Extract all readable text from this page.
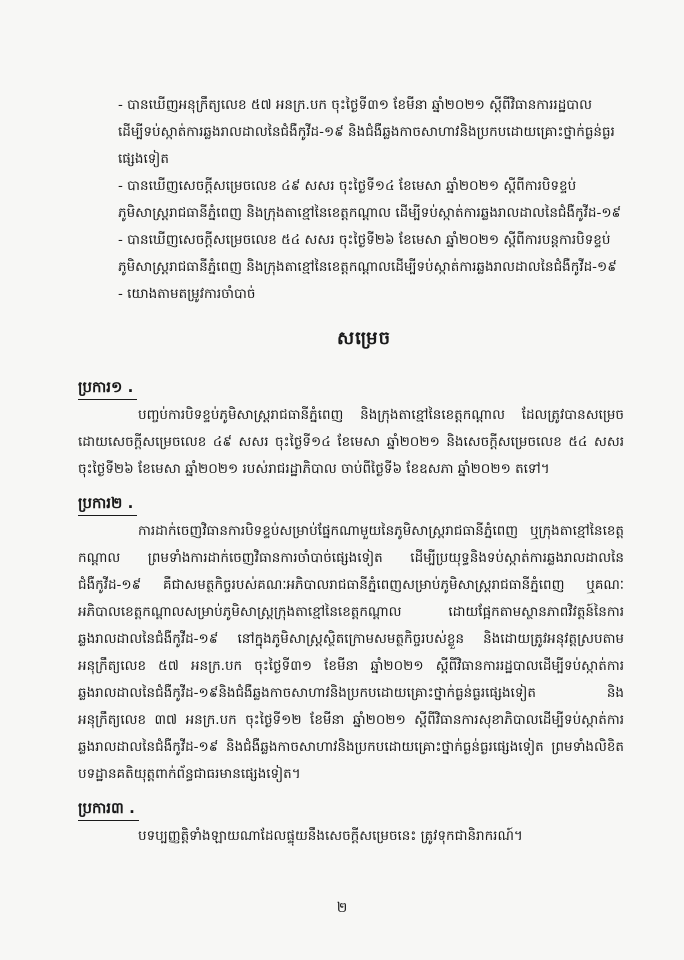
- បានឃើញអនុក្រឹត្យលេខ ៥៧ អនក្រ.បក ចុះថ្ងៃទី៣១ ខែមីនា ឆ្នាំ២០២១ ស្ដីពីវិធានការរដ្ឋបាលដើម្បីទប់ស្កាត់ការឆ្លងរាលដាលនៃជំងឺកូវីដ-១៩ និងជំងឺឆ្លងកាចសាហាវនិងប្រកបដោយគ្រោះថ្នាក់ធ្ងន់ធ្ងរផ្សេងទៀត
- បានឃើញសេចក្ដីសម្រេចលេខ ៤៩ សសរ ចុះថ្ងៃទី១៤ ខែមេសា ឆ្នាំ២០២១ ស្ដីពីការបិទខ្ទប់ភូមិសាស្ត្ររាជធានីភ្នំពេញ និងក្រុងតាខ្មៅនៃខេត្តកណ្ដាល ដើម្បីទប់ស្កាត់ការឆ្លងរាលដាលនៃជំងឺកូវីដ-១៩
- បានឃើញសេចក្ដីសម្រេចលេខ ៥៤ សសរ ចុះថ្ងៃទី២៦ ខែមេសា ឆ្នាំ២០២១ ស្ដីពីការបន្តការបិទខ្ទប់ភូមិសាស្ត្ររាជធានីភ្នំពេញ និងក្រុងតាខ្មៅនៃខេត្តកណ្ដាលដើម្បីទប់ស្កាត់ការឆ្លងរាលដាលនៃជំងឺកូវីដ-១៩
- យោងតាមតម្រូវការចាំបាច់
សម្រេច
ប្រការ១ .
បញ្ចប់ការបិទខ្ទប់ភូមិសាស្ត្ររាជធានីភ្នំពេញ និងក្រុងតាខ្មៅនៃខេត្តកណ្ដាល ដែលត្រូវបានសម្រេចដោយសេចក្ដីសម្រេចលេខ ៤៩ សសរ ចុះថ្ងៃទី១៤ ខែមេសា ឆ្នាំ២០២១ និងសេចក្ដីសម្រេចលេខ ៥៤ សសរ ចុះថ្ងៃទី២៦ ខែមេសា ឆ្នាំ២០២១ របស់រាជរដ្ឋាភិបាល ចាប់ពីថ្ងៃទី៦ ខែឧសភា ឆ្នាំ២០២១ តទៅ។
ប្រការ២ .
ការដាក់ចេញវិធានការបិទខ្ទប់សម្រាប់ផ្នែកណាមួយនៃភូមិសាស្ត្ររាជធានីភ្នំពេញ ឬក្រុងតាខ្មៅនៃខេត្តកណ្ដាល ព្រមទាំងការដាក់ចេញវិធានការចាំបាច់ផ្សេងទៀត ដើម្បីប្រយុទ្ធនិងទប់ស្កាត់ការឆ្លងរាលដាលនៃជំងឺកូវីដ-១៩ គឺជាសមត្ថកិច្ចរបស់គណៈអភិបាលរាជធានីភ្នំពេញសម្រាប់ភូមិសាស្ត្ររាជធានីភ្នំពេញ ឬគណៈអភិបាលខេត្តកណ្ដាលសម្រាប់ភូមិសាស្ត្រក្រុងតាខ្មៅនៃខេត្តកណ្ដាល ដោយផ្អែកតាមស្ថានភាពវិវត្តន៍នៃការឆ្លងរាលដាលនៃជំងឺកូវីដ-១៩ នៅក្នុងភូមិសាស្ត្រស្ថិតក្រោមសមត្ថកិច្ចរបស់ខ្លួន និងដោយត្រូវអនុវត្តស្របតាមអនុក្រឹត្យលេខ ៥៧ អនក្រ.បក ចុះថ្ងៃទី៣១ ខែមីនា ឆ្នាំ២០២១ ស្ដីពីវិធានការរដ្ឋបាលដើម្បីទប់ស្កាត់ការឆ្លងរាលដាលនៃជំងឺកូវីដ-១៩និងជំងឺឆ្លងកាចសាហាវនិងប្រកបដោយគ្រោះថ្នាក់ធ្ងន់ធ្ងរផ្សេងទៀត និងអនុក្រឹត្យលេខ ៣៧ អនក្រ.បក ចុះថ្ងៃទី១២ ខែមីនា ឆ្នាំ២០២១ ស្ដីពីវិធានការសុខាភិបាលដើម្បីទប់ស្កាត់ការឆ្លងរាលដាលនៃជំងឺកូវីដ-១៩ និងជំងឺឆ្លងកាចសាហាវនិងប្រកបដោយគ្រោះថ្នាក់ធ្ងន់ធ្ងរផ្សេងទៀត ព្រមទាំងលិខិតបទដ្ឋានគតិយុត្តពាក់ព័ន្ធជាធរមានផ្សេងទៀត។
ប្រការ៣ .
បទប្បញ្ញត្តិទាំងឡាយណាដែលផ្ទុយនឹងសេចក្ដីសម្រេចនេះ ត្រូវទុកជានិរាករណ៍។
២
